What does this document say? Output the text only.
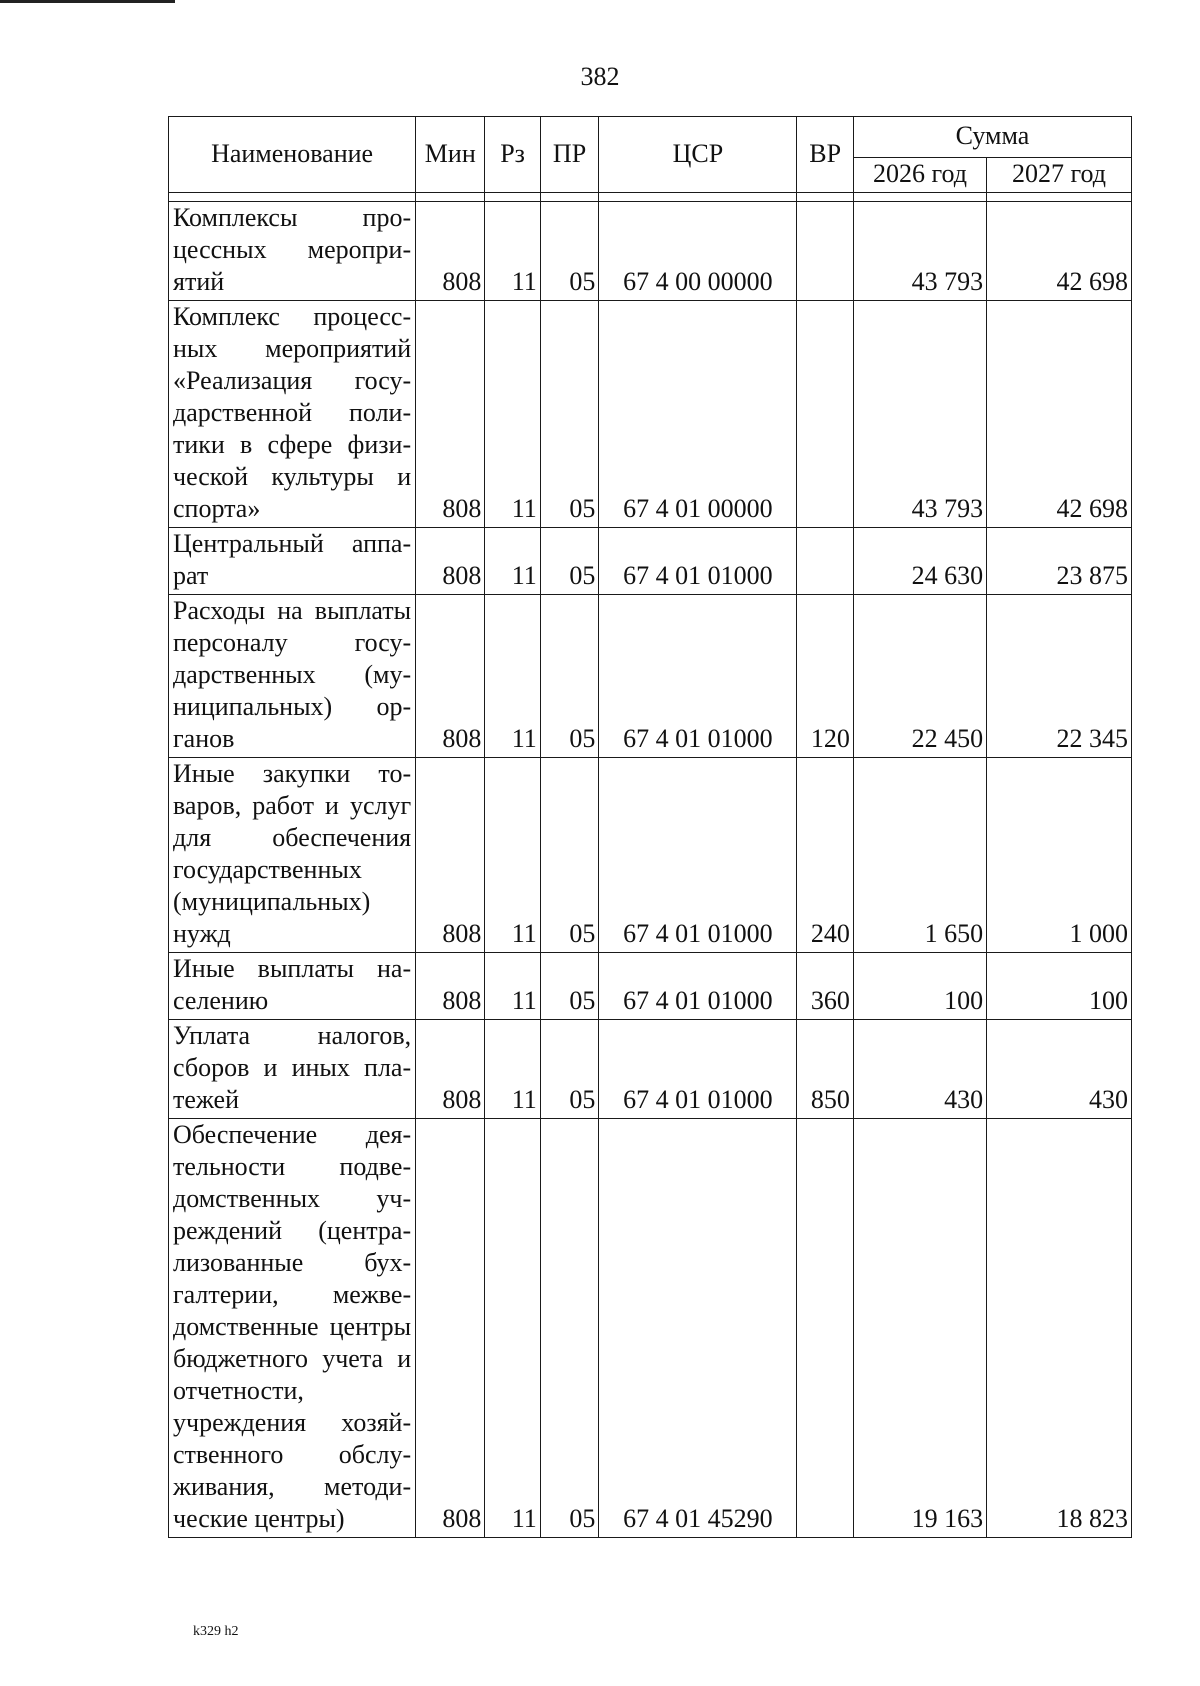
382
Наименование	Мин	Рз	ПР	ЦСР	ВР	Сумма	
						2026 год	2027 год

Комплексы процессных мероприятий	808	11	05	67 4 00 00000		43 793	42 698
Комплекс процессных мероприятий «Реализация государственной политики в сфере физической культуры и спорта»	808	11	05	67 4 01 00000		43 793	42 698
Центральный аппарат	808	11	05	67 4 01 01000		24 630	23 875
Расходы на выплаты персоналу государственных (муниципальных) органов	808	11	05	67 4 01 01000	120	22 450	22 345
Иные закупки товаров, работ и услуг для обеспечения государственных (муниципальных) нужд	808	11	05	67 4 01 01000	240	1 650	1 000
Иные выплаты населению	808	11	05	67 4 01 01000	360	100	100
Уплата налогов, сборов и иных платежей	808	11	05	67 4 01 01000	850	430	430
Обеспечение деятельности подведомственных учреждений (централизованные бухгалтерии, межведомственные центры бюджетного учета и отчетности, учреждения хозяйственного обслуживания, методические центры)	808	11	05	67 4 01 45290		19 163	18 823
k329 h2
